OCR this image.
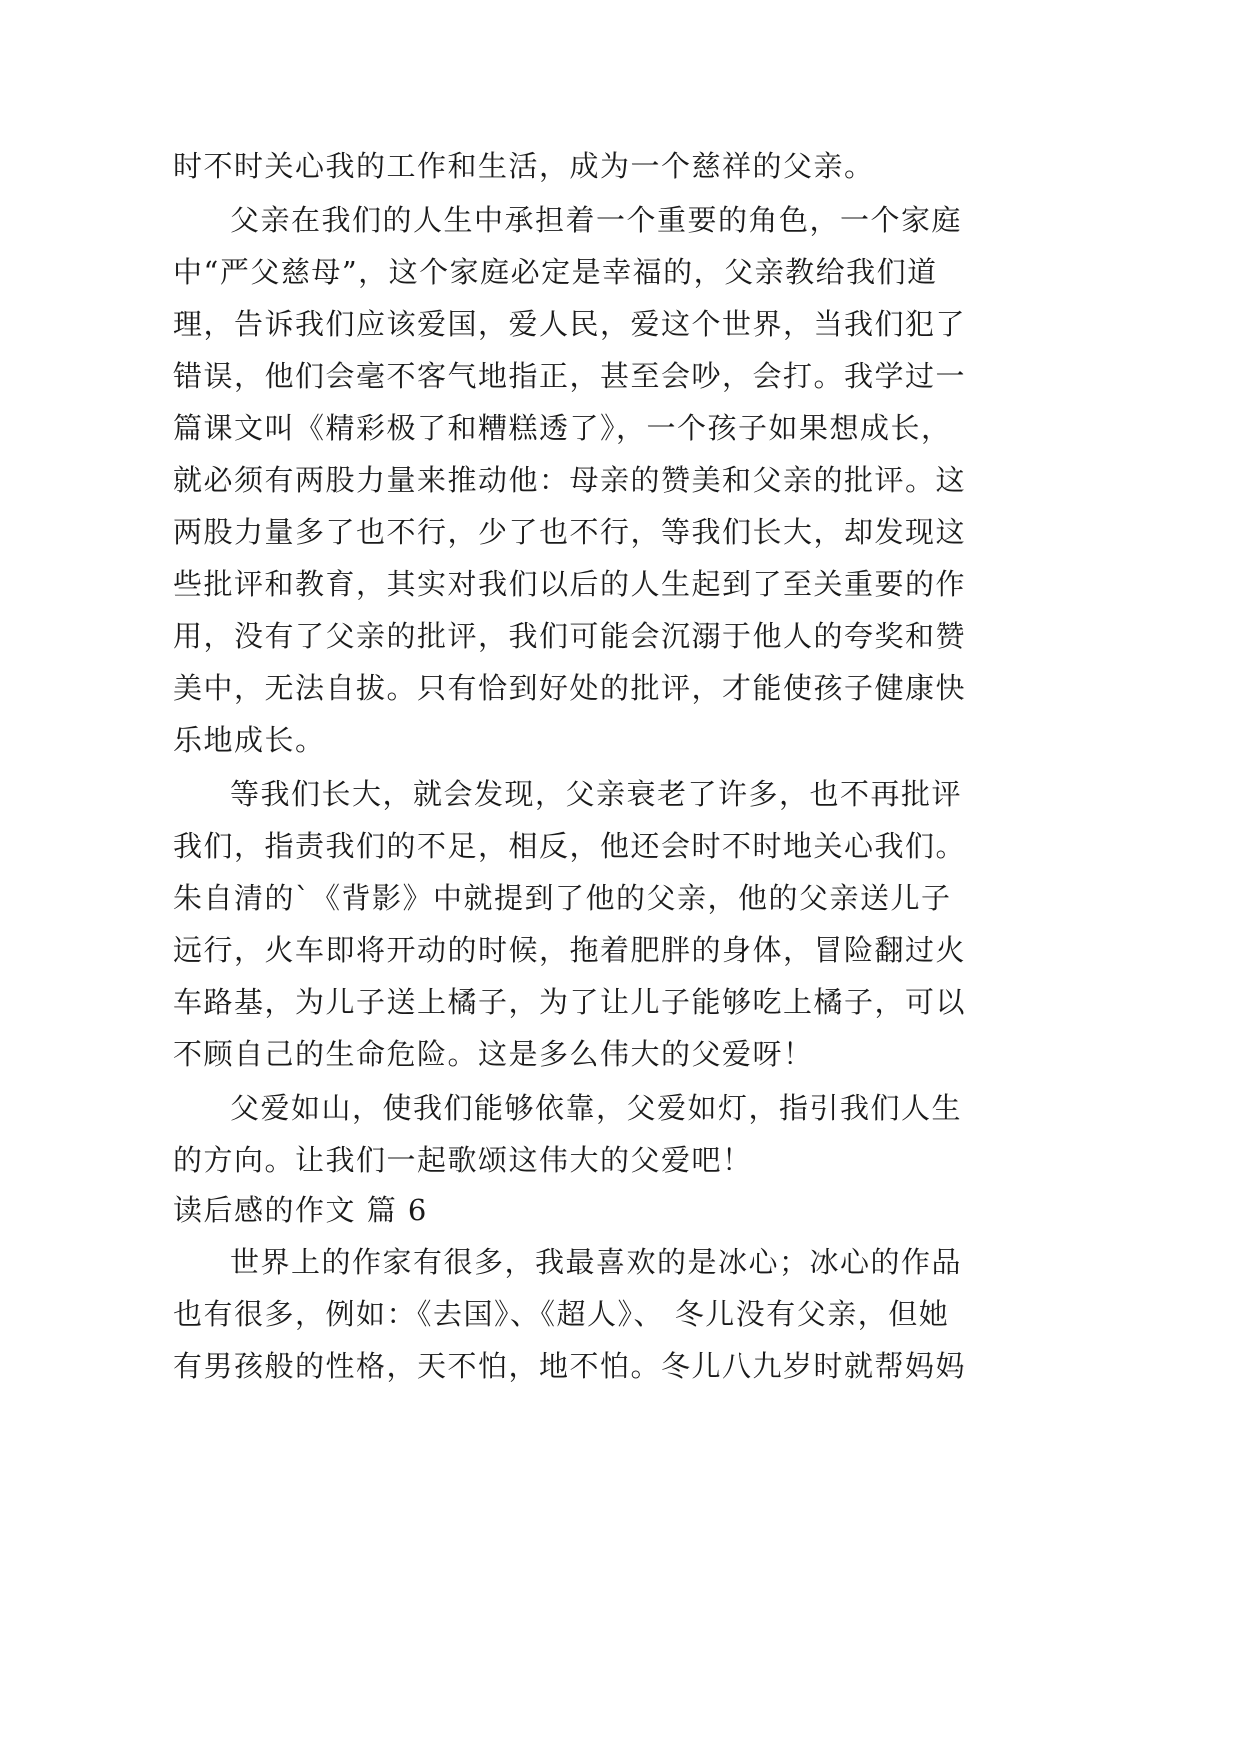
时不时关心我的工作和生活，成为一个慈祥的父亲。
父亲在我们的人生中承担着一个重要的角色，一个家庭
中“严父慈母”，这个家庭必定是幸福的，父亲教给我们道
理，告诉我们应该爱国，爱人民，爱这个世界，当我们犯了
错误，他们会毫不客气地指正，甚至会吵，会打。我学过一
篇课文叫《精彩极了和糟糕透了》，一个孩子如果想成长，
就必须有两股力量来推动他：母亲的赞美和父亲的批评。这
两股力量多了也不行，少了也不行，等我们长大，却发现这
些批评和教育，其实对我们以后的人生起到了至关重要的作
用，没有了父亲的批评，我们可能会沉溺于他人的夸奖和赞
美中，无法自拔。只有恰到好处的批评，才能使孩子健康快
乐地成长。
等我们长大，就会发现，父亲衰老了许多，也不再批评
我们，指责我们的不足，相反，他还会时不时地关心我们。
朱自清的`《背影》中就提到了他的父亲，他的父亲送儿子
远行，火车即将开动的时候，拖着肥胖的身体，冒险翻过火
车路基，为儿子送上橘子，为了让儿子能够吃上橘子，可以
不顾自己的生命危险。这是多么伟大的父爱呀！
父爱如山，使我们能够依靠，父爱如灯，指引我们人生
的方向。让我们一起歌颂这伟大的父爱吧！
读后感的作文 篇 6
世界上的作家有很多，我最喜欢的是冰心；冰心的作品
也有很多，例如：《去国》、《超人》、 冬儿没有父亲，但她
有男孩般的性格，天不怕，地不怕。冬儿八九岁时就帮妈妈
